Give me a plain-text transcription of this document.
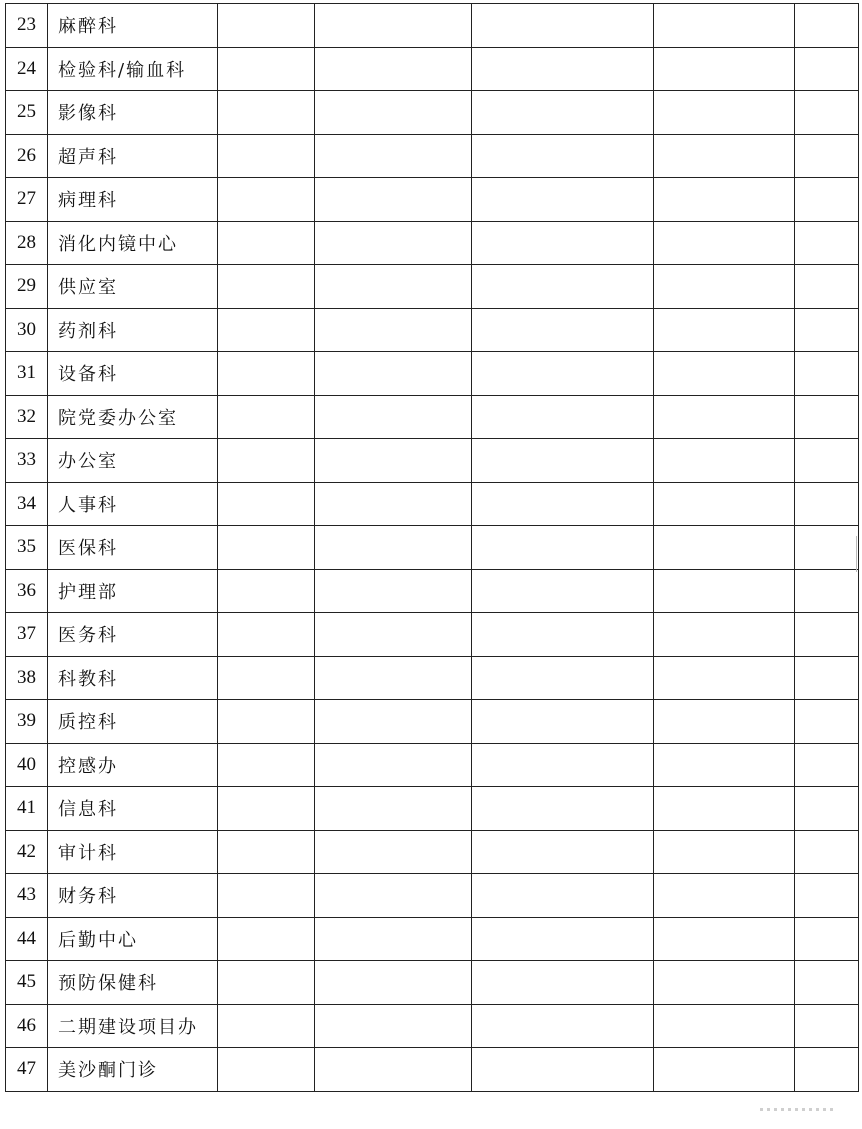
23	麻醉科					
24	检验科/输血科					
25	影像科					
26	超声科					
27	病理科					
28	消化内镜中心					
29	供应室					
30	药剂科					
31	设备科					
32	院党委办公室					
33	办公室					
34	人事科					
35	医保科					
36	护理部					
37	医务科					
38	科教科					
39	质控科					
40	控感办					
41	信息科					
42	审计科					
43	财务科					
44	后勤中心					
45	预防保健科					
46	二期建设项目办					
47	美沙酮门诊					
